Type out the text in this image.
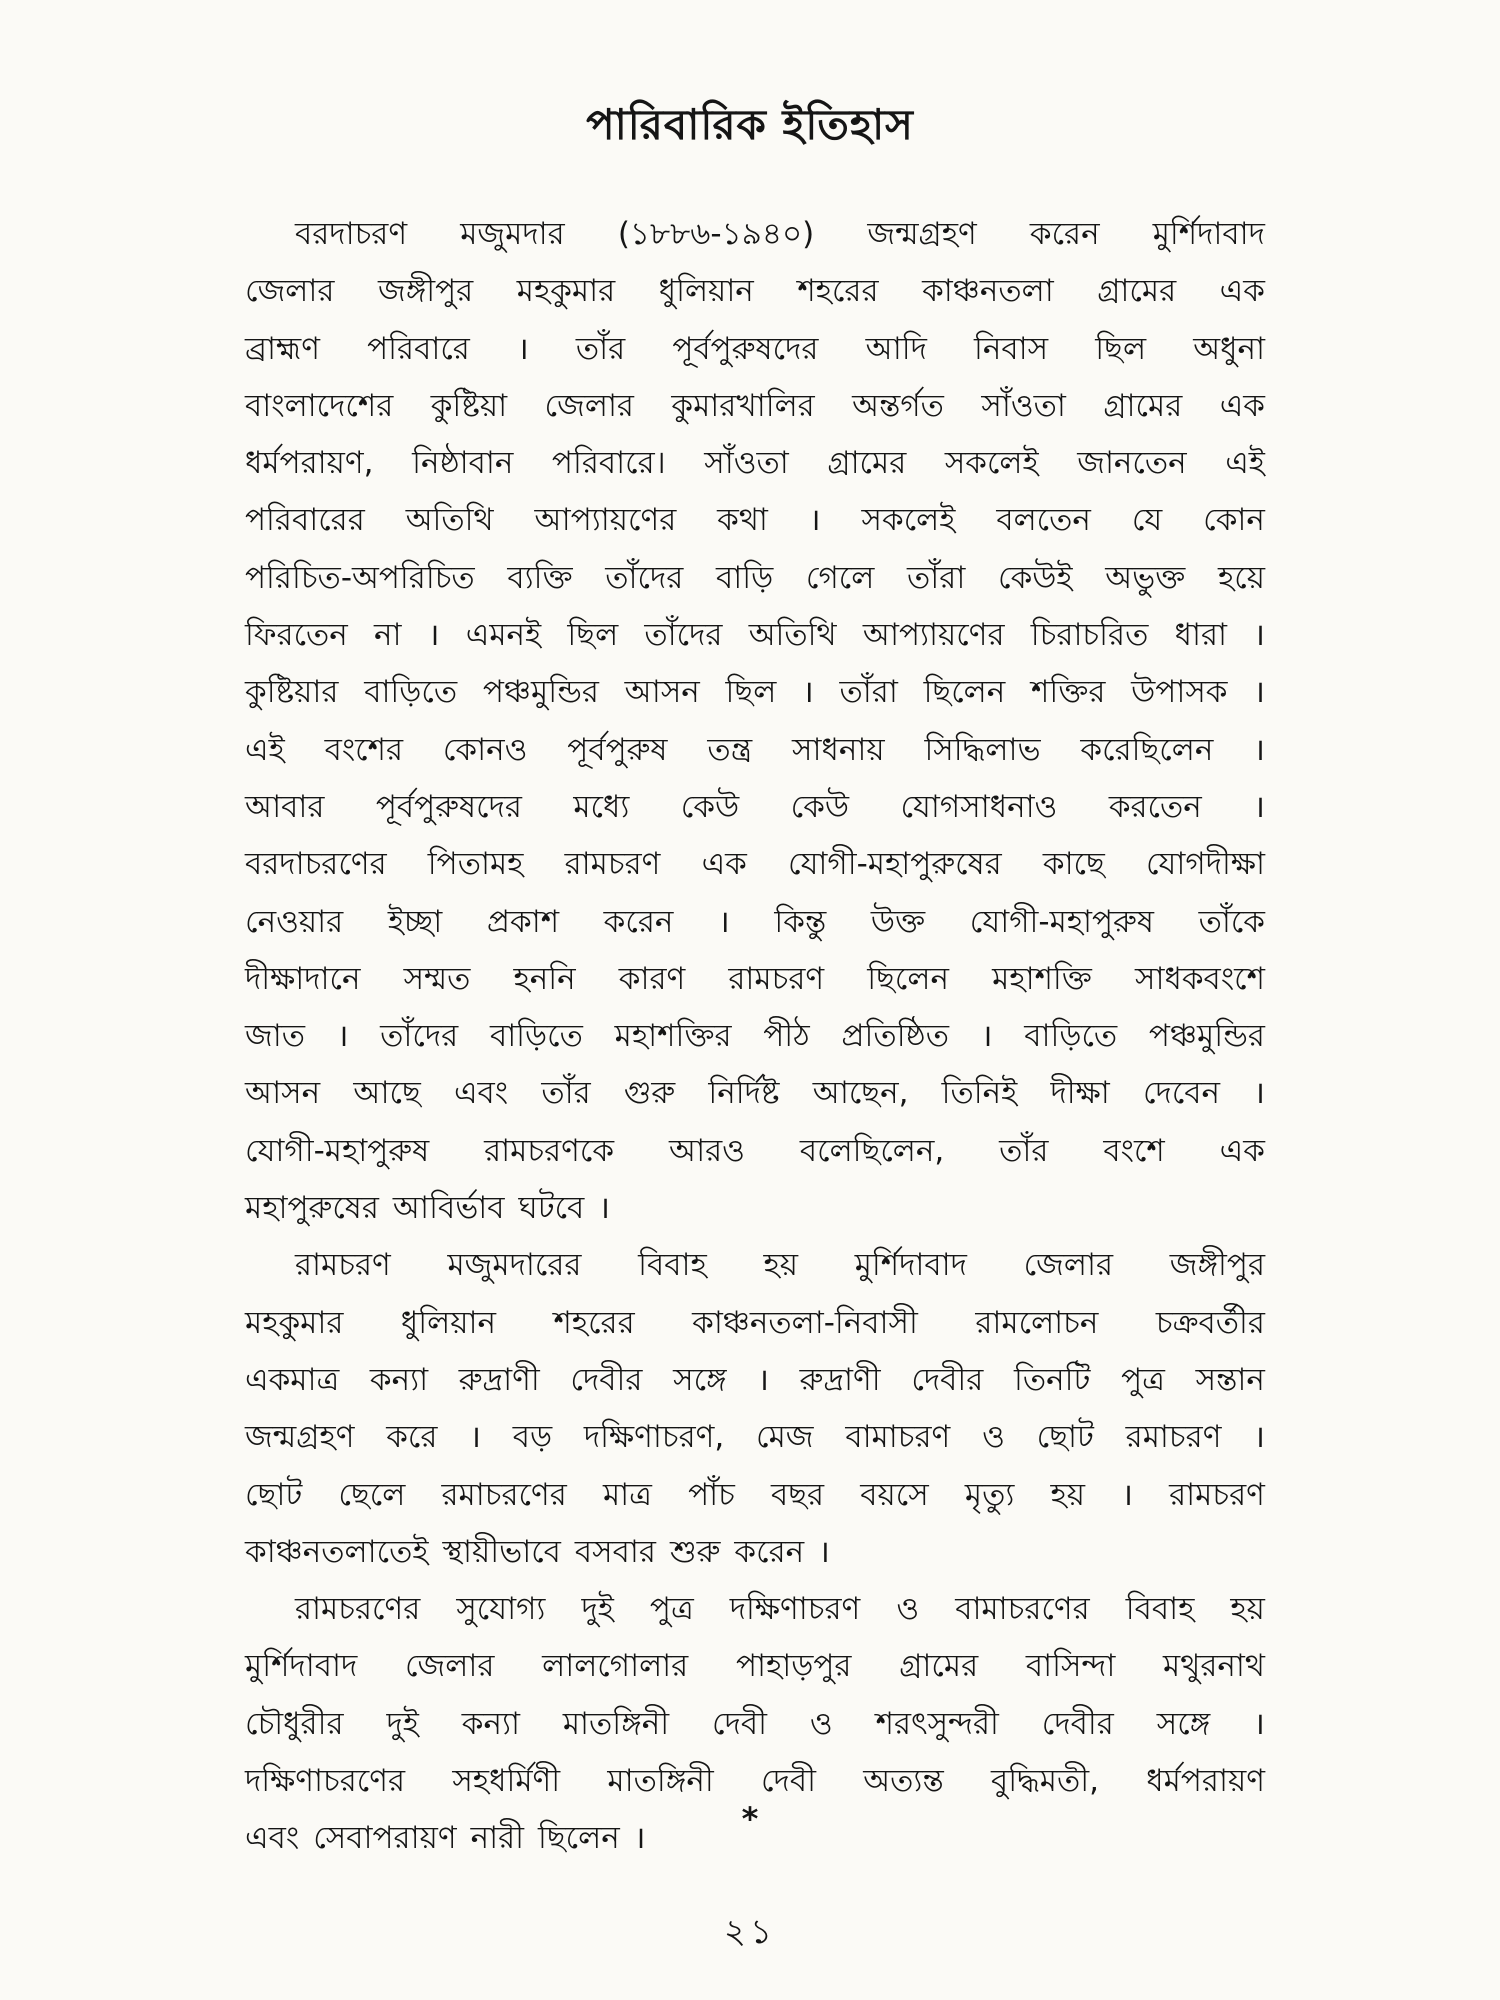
পারিবারিক ইতিহাস
বরদাচরণ মজুমদার (১৮৮৬-১৯৪০) জন্মগ্রহণ করেন মুর্শিদাবাদ
জেলার জঙ্গীপুর মহকুমার ধুলিয়ান শহরের কাঞ্চনতলা গ্রামের এক
ব্রাহ্মণ পরিবারে । তাঁর পূর্বপুরুষদের আদি নিবাস ছিল অধুনা
বাংলাদেশের কুষ্টিয়া জেলার কুমারখালির অন্তর্গত সাঁওতা গ্রামের এক
ধর্মপরায়ণ, নিষ্ঠাবান পরিবারে। সাঁওতা গ্রামের সকলেই জানতেন এই
পরিবারের অতিথি আপ্যায়ণের কথা । সকলেই বলতেন যে কোন
পরিচিত-অপরিচিত ব্যক্তি তাঁদের বাড়ি গেলে তাঁরা কেউই অভুক্ত হয়ে
ফিরতেন না । এমনই ছিল তাঁদের অতিথি আপ্যায়ণের চিরাচরিত ধারা ।
কুষ্টিয়ার বাড়িতে পঞ্চমুন্ডির আসন ছিল । তাঁরা ছিলেন শক্তির উপাসক ।
এই বংশের কোনও পূর্বপুরুষ তন্ত্র সাধনায় সিদ্ধিলাভ করেছিলেন ।
আবার পূর্বপুরুষদের মধ্যে কেউ কেউ যোগসাধনাও করতেন ।
বরদাচরণের পিতামহ রামচরণ এক যোগী-মহাপুরুষের কাছে যোগদীক্ষা
নেওয়ার ইচ্ছা প্রকাশ করেন । কিন্তু উক্ত যোগী-মহাপুরুষ তাঁকে
দীক্ষাদানে সম্মত হননি কারণ রামচরণ ছিলেন মহাশক্তি সাধকবংশে
জাত । তাঁদের বাড়িতে মহাশক্তির পীঠ প্রতিষ্ঠিত । বাড়িতে পঞ্চমুন্ডির
আসন আছে এবং তাঁর গুরু নির্দিষ্ট আছেন, তিনিই দীক্ষা দেবেন ।
যোগী-মহাপুরুষ রামচরণকে আরও বলেছিলেন, তাঁর বংশে এক
মহাপুরুষের আবির্ভাব ঘটবে ।
রামচরণ মজুমদারের বিবাহ হয় মুর্শিদাবাদ জেলার জঙ্গীপুর
মহকুমার ধুলিয়ান শহরের কাঞ্চনতলা-নিবাসী রামলোচন চক্রবর্তীর
একমাত্র কন্যা রুদ্রাণী দেবীর সঙ্গে । রুদ্রাণী দেবীর তিনটি পুত্র সন্তান
জন্মগ্রহণ করে । বড় দক্ষিণাচরণ, মেজ বামাচরণ ও ছোট রমাচরণ ।
ছোট ছেলে রমাচরণের মাত্র পাঁচ বছর বয়সে মৃত্যু হয় । রামচরণ
কাঞ্চনতলাতেই স্থায়ীভাবে বসবার শুরু করেন ।
রামচরণের সুযোগ্য দুই পুত্র দক্ষিণাচরণ ও বামাচরণের বিবাহ হয়
মুর্শিদাবাদ জেলার লালগোলার পাহাড়পুর গ্রামের বাসিন্দা মথুরনাথ
চৌধুরীর দুই কন্যা মাতঙ্গিনী দেবী ও শরৎসুন্দরী দেবীর সঙ্গে ।
দক্ষিণাচরণের সহধর্মিণী মাতঙ্গিনী দেবী অত্যন্ত বুদ্ধিমতী, ধর্মপরায়ণ
এবং সেবাপরায়ণ নারী ছিলেন ।
*
২১
